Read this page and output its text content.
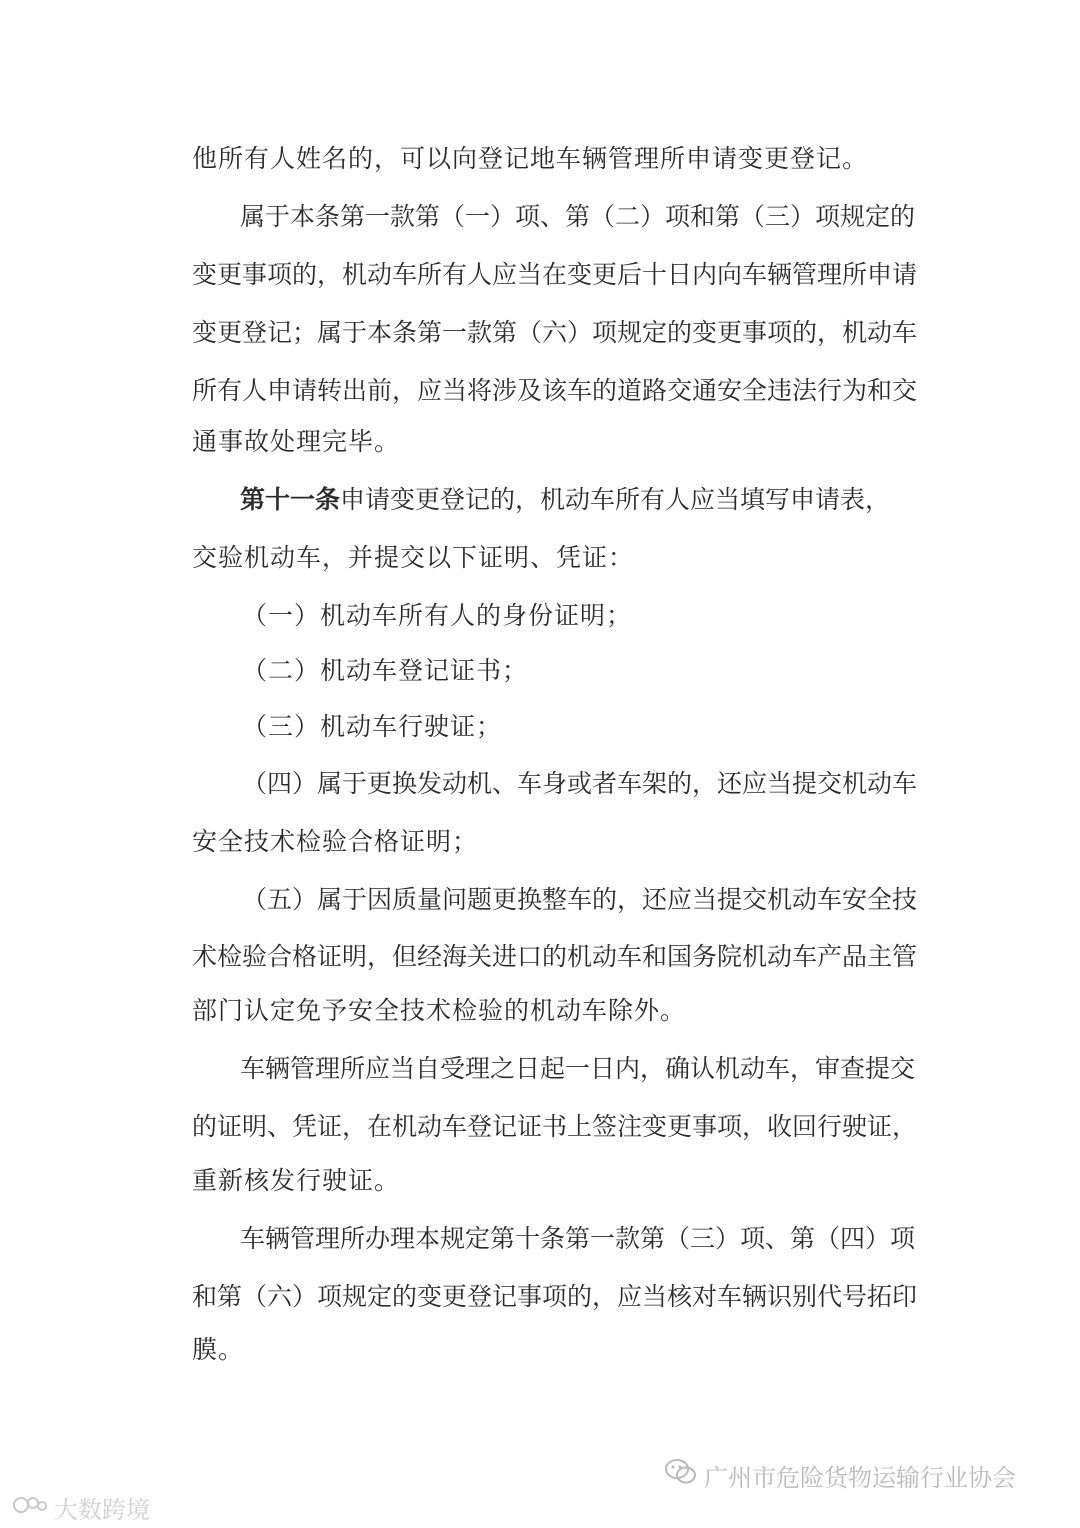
他所有人姓名的，可以向登记地车辆管理所申请变更登记。
属于本条第一款第（一）项、第（二）项和第（三）项规定的
变更事项的，机动车所有人应当在变更后十日内向车辆管理所申请
变更登记；属于本条第一款第（六）项规定的变更事项的，机动车
所有人申请转出前，应当将涉及该车的道路交通安全违法行为和交
通事故处理完毕。
第十一条 申请变更登记的，机动车所有人应当填写申请表，
交验机动车，并提交以下证明、凭证：
（一）机动车所有人的身份证明；
（二）机动车登记证书；
（三）机动车行驶证；
（四）属于更换发动机、车身或者车架的，还应当提交机动车
安全技术检验合格证明；
（五）属于因质量问题更换整车的，还应当提交机动车安全技
术检验合格证明，但经海关进口的机动车和国务院机动车产品主管
部门认定免予安全技术检验的机动车除外。
车辆管理所应当自受理之日起一日内，确认机动车，审查提交
的证明、凭证，在机动车登记证书上签注变更事项，收回行驶证，
重新核发行驶证。
车辆管理所办理本规定第十条第一款第（三）项、第（四）项
和第（六）项规定的变更登记事项的，应当核对车辆识别代号拓印
膜。
广州市危险货物运输行业协会
大数跨境
